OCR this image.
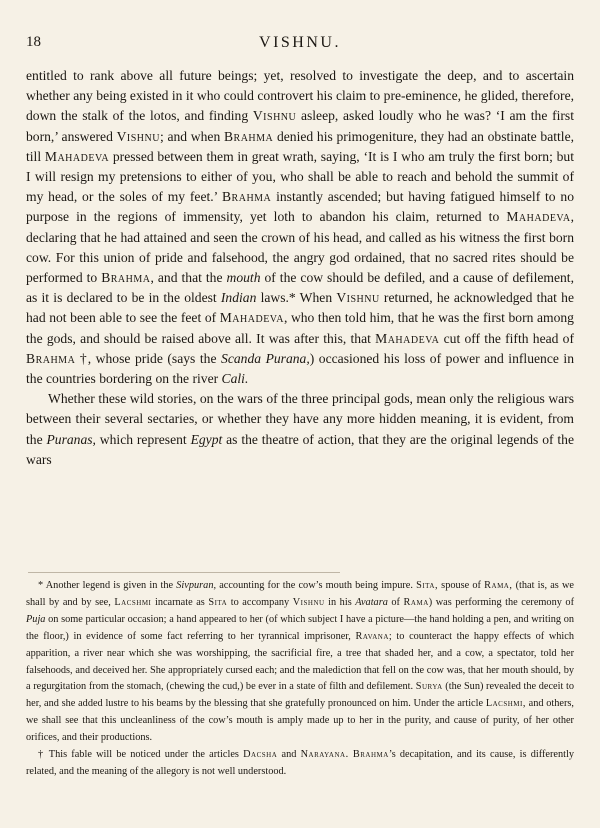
18	VISHNU.

entitled to rank above all future beings; yet, resolved to investigate the deep, and to ascertain whether any being existed in it who could controvert his claim to pre-eminence, he glided, therefore, down the stalk of the lotos, and finding Vishnu asleep, asked loudly who he was? ‘I am the first born,’ answered Vishnu; and when Brahma denied his primogeniture, they had an obstinate battle, till Mahadeva pressed between them in great wrath, saying, ‘It is I who am truly the first born; but I will resign my pretensions to either of you, who shall be able to reach and behold the summit of my head, or the soles of my feet.’ Brahma instantly ascended; but having fatigued himself to no purpose in the regions of immensity, yet loth to abandon his claim, returned to Mahadeva, declaring that he had attained and seen the crown of his head, and called as his witness the first born cow. For this union of pride and falsehood, the angry god ordained, that no sacred rites should be performed to Brahma, and that the mouth of the cow should be defiled, and a cause of defilement, as it is declared to be in the oldest Indian laws.* When Vishnu returned, he acknowledged that he had not been able to see the feet of Mahadeva, who then told him, that he was the first born among the gods, and should be raised above all. It was after this, that Mahadeva cut off the fifth head of Brahma †, whose pride (says the Scanda Purana,) occasioned his loss of power and influence in the countries bordering on the river Cali.

Whether these wild stories, on the wars of the three principal gods, mean only the religious wars between their several sectaries, or whether they have any more hidden meaning, it is evident, from the Puranas, which represent Egypt as the theatre of action, that they are the original legends of the wars

* Another legend is given in the Sivpuran, accounting for the cow’s mouth being impure. Sita, spouse of Rama, (that is, as we shall by and by see, Lacshmi incarnate as Sita to accompany Vishnu in his Avatara of Rama) was performing the ceremony of Puja on some particular occasion; a hand appeared to her (of which subject I have a picture—the hand holding a pen, and writing on the floor,) in evidence of some fact referring to her tyrannical imprisoner, Ravana; to counteract the happy effects of which apparition, a river near which she was worshipping, the sacrificial fire, a tree that shaded her, and a cow, a spectator, told her falsehoods, and deceived her. She appropriately cursed each; and the malediction that fell on the cow was, that her mouth should, by a regurgitation from the stomach, (chewing the cud,) be ever in a state of filth and defilement. Surya (the Sun) revealed the deceit to her, and she added lustre to his beams by the blessing that she gratefully pronounced on him. Under the article Lacshmi, and others, we shall see that this uncleanliness of the cow’s mouth is amply made up to her in the purity, and cause of purity, of her other orifices, and their productions.

† This fable will be noticed under the articles Dacsha and Narayana. Brahma’s decapitation, and its cause, is differently related, and the meaning of the allegory is not well understood.
